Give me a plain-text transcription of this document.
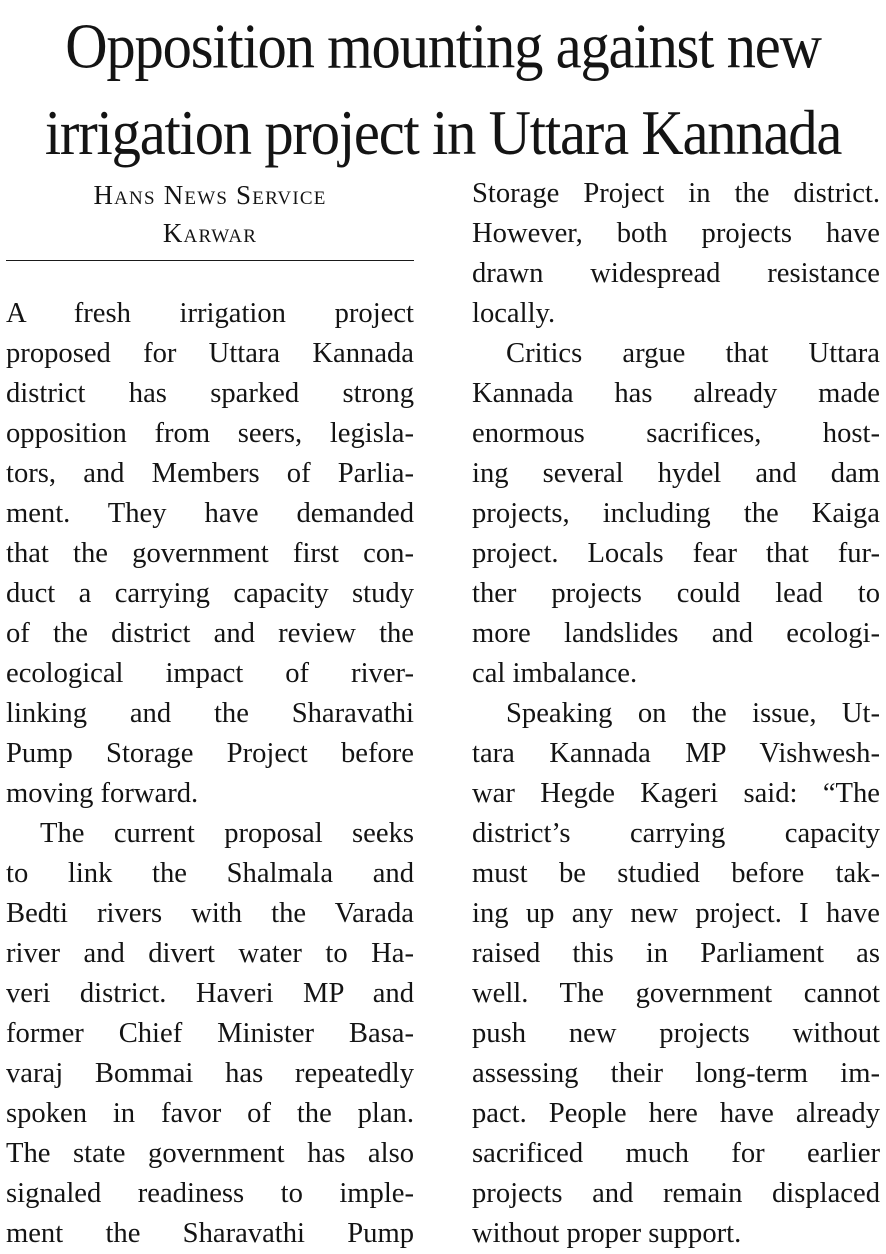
Opposition mounting against new
irrigation project in Uttara Kannada
Hans News Service
Karwar
A fresh irrigation project
proposed for Uttara Kannada
district has sparked strong
opposition from seers, legisla-
tors, and Members of Parlia-
ment. They have demanded
that the government first con-
duct a carrying capacity study
of the district and review the
ecological impact of river-
linking and the Sharavathi
Pump Storage Project before
moving forward.
The current proposal seeks
to link the Shalmala and
Bedti rivers with the Varada
river and divert water to Ha-
veri district. Haveri MP and
former Chief Minister Basa-
varaj Bommai has repeatedly
spoken in favor of the plan.
The state government has also
signaled readiness to imple-
ment the Sharavathi Pump
Storage Project in the district.
However, both projects have
drawn widespread resistance
locally.
Critics argue that Uttara
Kannada has already made
enormous sacrifices, host-
ing several hydel and dam
projects, including the Kaiga
project. Locals fear that fur-
ther projects could lead to
more landslides and ecologi-
cal imbalance.
Speaking on the issue, Ut-
tara Kannada MP Vishwesh-
war Hegde Kageri said: “The
district’s carrying capacity
must be studied before tak-
ing up any new project. I have
raised this in Parliament as
well. The government cannot
push new projects without
assessing their long-term im-
pact. People here have already
sacrificed much for earlier
projects and remain displaced
without proper support.
